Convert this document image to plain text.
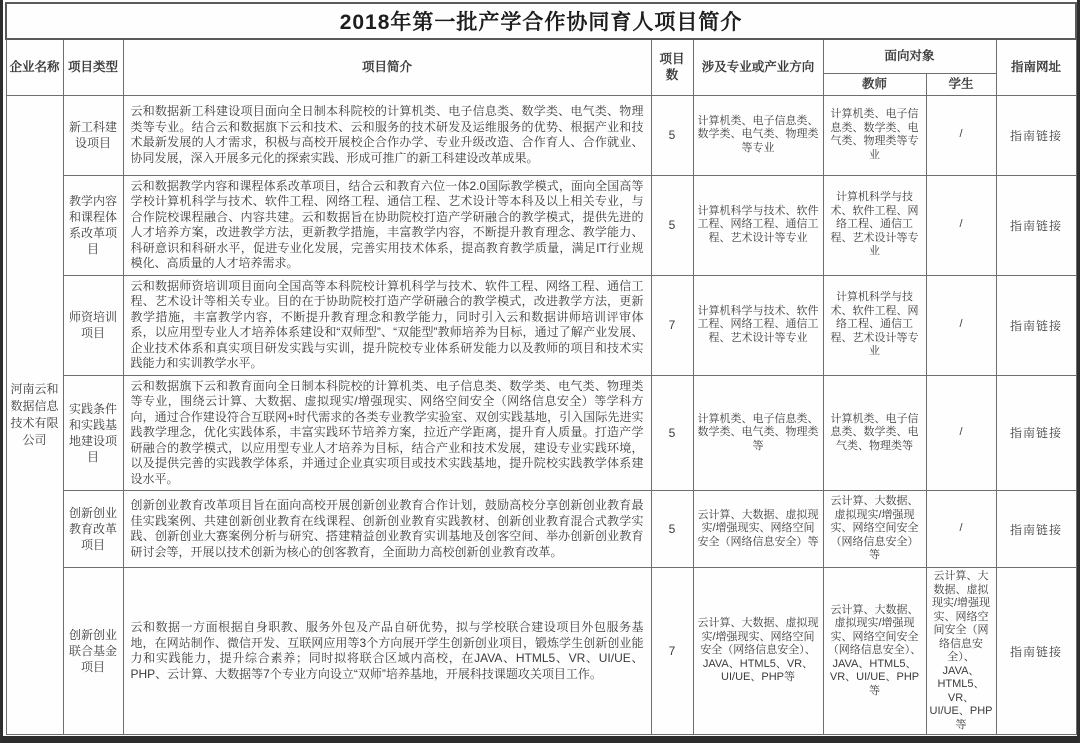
2018年第一批产学合作协同育人项目简介							
企业名称	项目类型	项目简介	项目数	涉及专业或产业方向	面向对象		指南网址
					教师	学生	
河南云和数据信息技术有限公司	新工科建设项目	云和数据新工科建设项目面向全日制本科院校的计算机类、电子信息类、数学类、电气类、物理类等专业。结合云和数据旗下云和技术、云和服务的技术研发及运维服务的优势、根据产业和技术最新发展的人才需求，积极与高校开展校企合作办学、专业升级改造、合作育人、合作就业、协同发展，深入开展多元化的探索实践、形成可推广的新工科建设改革成果。	5	计算机类、电子信息类、数学类、电气类、物理类等专业	计算机类、电子信息类、数学类、电气类、物理类等专业	/	指南链接
	教学内容和课程体系改革项目	云和数据教学内容和课程体系改革项目，结合云和教育六位一体2.0国际教学模式，面向全国高等学校计算机科学与技术、软件工程、网络工程、通信工程、艺术设计等本科及以上相关专业，与合作院校课程融合、内容共建。云和数据旨在协助院校打造产学研融合的教学模式，提供先进的人才培养方案，改进教学方法，更新教学措施，丰富教学内容，不断提升教育理念、教学能力、科研意识和科研水平，促进专业化发展，完善实用技术体系，提高教育教学质量，满足IT行业规模化、高质量的人才培养需求。	5	计算机科学与技术、软件工程、网络工程、通信工程、艺术设计等专业	计算机科学与技术、软件工程、网络工程、通信工程、艺术设计等专业	/	指南链接
	师资培训项目	云和数据师资培训项目面向全国高等本科院校计算机科学与技术、软件工程、网络工程、通信工程、艺术设计等相关专业。目的在于协助院校打造产学研融合的教学模式，改进教学方法，更新教学措施，丰富教学内容，不断提升教育理念和教学能力，同时引入云和数据讲师培训评审体系，以应用型专业人才培养体系建设和“双师型”、“双能型”教师培养为目标，通过了解产业发展、企业技术体系和真实项目研发实践与实训，提升院校专业体系研发能力以及教师的项目和技术实践能力和实训教学水平。	7	计算机科学与技术、软件工程、网络工程、通信工程、艺术设计等专业	计算机科学与技术、软件工程、网络工程、通信工程、艺术设计等专业	/	指南链接
	实践条件和实践基地建设项目	云和数据旗下云和教育面向全日制本科院校的计算机类、电子信息类、数学类、电气类、物理类等专业，围绕云计算、大数据、虚拟现实/增强现实、网络空间安全（网络信息安全）等学科方向，通过合作建设符合互联网+时代需求的各类专业教学实验室、双创实践基地，引入国际先进实践教学理念，优化实践体系，丰富实践环节培养方案，拉近产学距离，提升育人质量。打造产学研融合的教学模式，以应用型专业人才培养为目标，结合产业和技术发展，建设专业实践环境，以及提供完善的实践教学体系，并通过企业真实项目或技术实践基地，提升院校实践教学体系建设水平。	5	计算机类、电子信息类、数学类、电气类、物理类等	计算机类、电子信息类、数学类、电气类、物理类等	/	指南链接
	创新创业教育改革项目	创新创业教育改革项目旨在面向高校开展创新创业教育合作计划，鼓励高校分享创新创业教育最佳实践案例、共建创新创业教育在线课程、创新创业教育实践教材、创新创业教育混合式教学实践、创新创业大赛案例分析与研究、搭建精益创业教育实训基地及创客空间、举办创新创业教育研讨会等，开展以技术创新为核心的创客教育，全面助力高校创新创业教育改革。	5	云计算、大数据、虚拟现实/增强现实、网络空间安全（网络信息安全）等	云计算、大数据、虚拟现实/增强现实、网络空间安全（网络信息安全）等	/	指南链接
	创新创业联合基金项目	云和数据一方面根据自身职教、服务外包及产品自研优势，拟与学校联合建设项目外包服务基地，在网站制作、微信开发、互联网应用等3个方向展开学生创新创业项目，锻炼学生创新创业能力和实践能力，提升综合素养；同时拟将联合区域内高校，在JAVA、HTML5、VR、UI/UE、PHP、云计算、大数据等7个专业方向设立“双师”培养基地，开展科技课题攻关项目工作。	7	云计算、大数据、虚拟现实/增强现实、网络空间安全（网络信息安全）、JAVA、HTML5、VR、UI/UE、PHP等	云计算、大数据、虚拟现实/增强现实、网络空间安全（网络信息安全）、JAVA、HTML5、VR、UI/UE、PHP等	云计算、大数据、虚拟现实/增强现实、网络空间安全（网络信息安全）、JAVA、HTML5、VR、UI/UE、PHP等	指南链接
